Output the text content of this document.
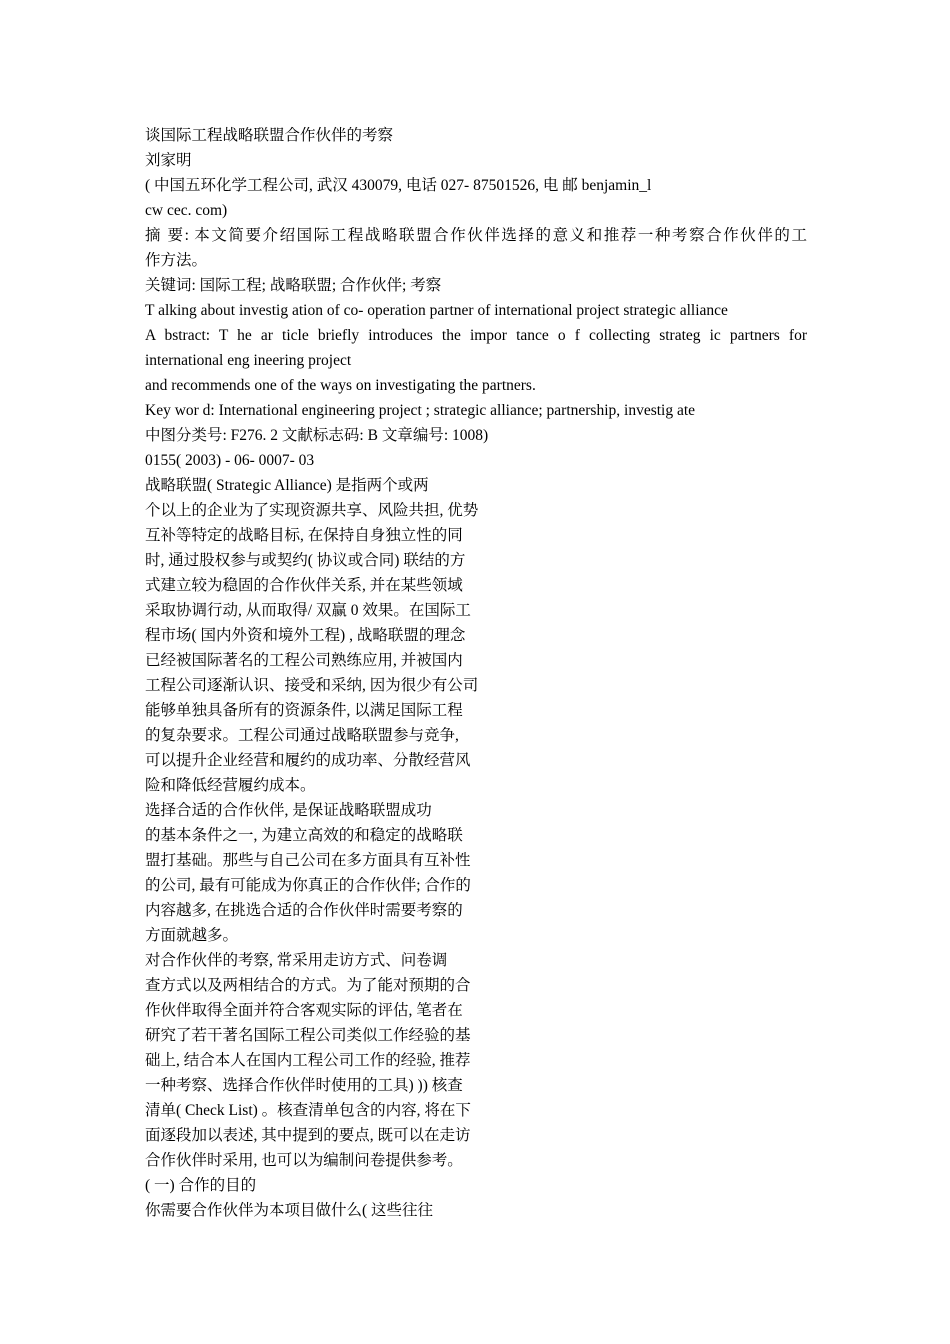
谈国际工程战略联盟合作伙伴的考察
刘家明
( 中国五环化学工程公司, 武汉 430079, 电话 027- 87501526, 电 邮 benjamin_l
cw cec. com)
摘 要: 本文简要介绍国际工程战略联盟合作伙伴选择的意义和推荐一种考察合作伙伴的工
作方法。
关键词: 国际工程; 战略联盟; 合作伙伴; 考察
T alking about investig ation of co- operation partner of international project strategic alliance
A bstract: T he ar ticle briefly introduces the impor tance o f collecting strateg ic partners for
international eng ineering project
and recommends one of the ways on investigating the partners.
Key wor d: International engineering project ; strategic alliance; partnership, investig ate
中图分类号: F276. 2 文献标志码: B 文章编号: 1008)
0155( 2003) - 06- 0007- 03
战略联盟( Strategic Alliance) 是指两个或两
个以上的企业为了实现资源共享、风险共担, 优势
互补等特定的战略目标, 在保持自身独立性的同
时, 通过股权参与或契约( 协议或合同) 联结的方
式建立较为稳固的合作伙伴关系, 并在某些领域
采取协调行动, 从而取得/ 双赢 0 效果。在国际工
程市场( 国内外资和境外工程) , 战略联盟的理念
已经被国际著名的工程公司熟练应用, 并被国内
工程公司逐渐认识、接受和采纳, 因为很少有公司
能够单独具备所有的资源条件, 以满足国际工程
的复杂要求。工程公司通过战略联盟参与竞争,
可以提升企业经营和履约的成功率、分散经营风
险和降低经营履约成本。
选择合适的合作伙伴, 是保证战略联盟成功
的基本条件之一, 为建立高效的和稳定的战略联
盟打基础。那些与自己公司在多方面具有互补性
的公司, 最有可能成为你真正的合作伙伴; 合作的
内容越多, 在挑选合适的合作伙伴时需要考察的
方面就越多。
对合作伙伴的考察, 常采用走访方式、问卷调
查方式以及两相结合的方式。为了能对预期的合
作伙伴取得全面并符合客观实际的评估, 笔者在
研究了若干著名国际工程公司类似工作经验的基
础上, 结合本人在国内工程公司工作的经验, 推荐
一种考察、选择合作伙伴时使用的工具) )) 核查
清单( Check List) 。核查清单包含的内容, 将在下
面逐段加以表述, 其中提到的要点, 既可以在走访
合作伙伴时采用, 也可以为编制问卷提供参考。
( 一) 合作的目的
你需要合作伙伴为本项目做什么( 这些往往
